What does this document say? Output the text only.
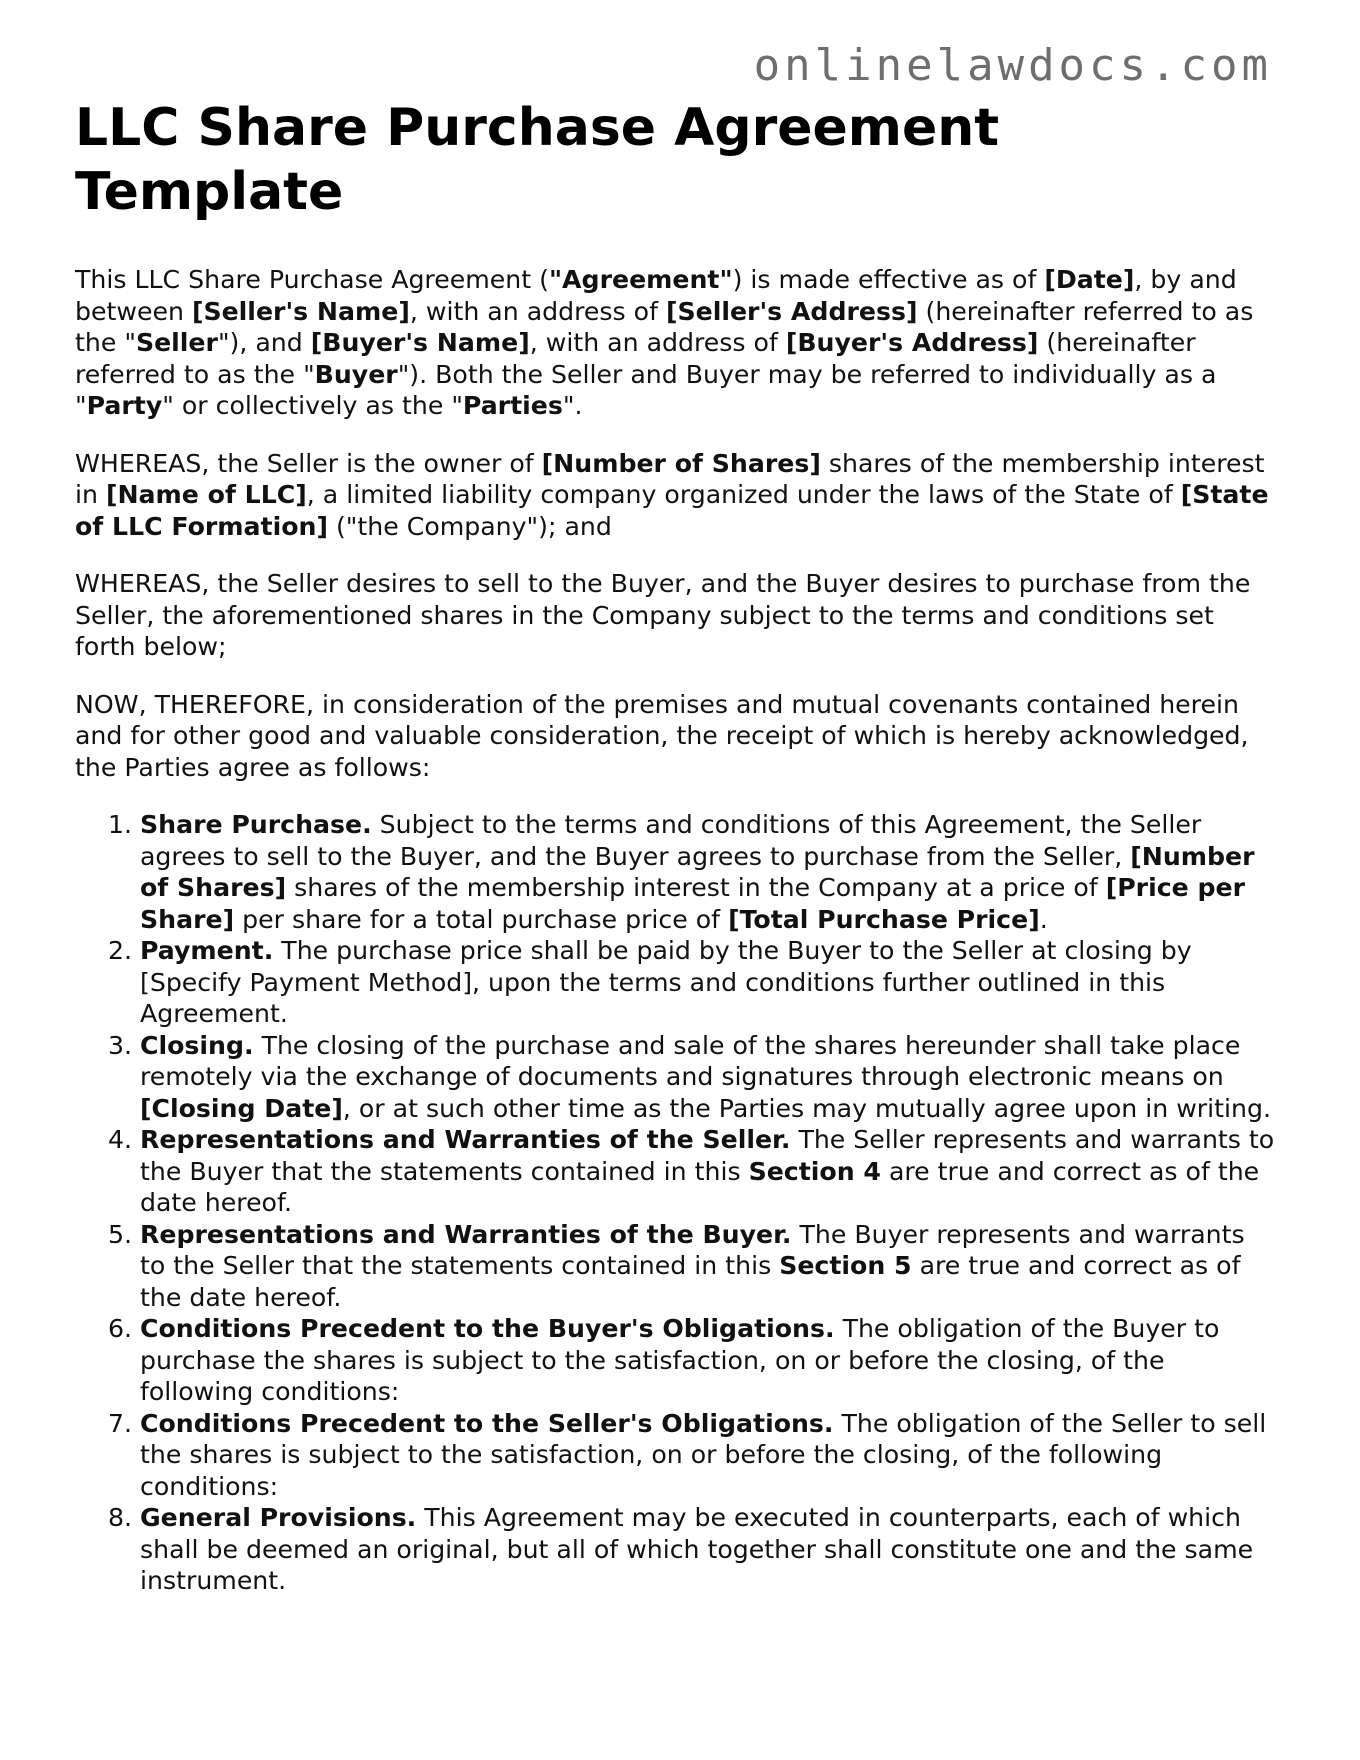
onlinelawdocs.com
LLC Share Purchase Agreement Template

This LLC Share Purchase Agreement ("Agreement") is made effective as of [Date], by and between [Seller's Name], with an address of [Seller's Address] (hereinafter referred to as the "Seller"), and [Buyer's Name], with an address of [Buyer's Address] (hereinafter referred to as the "Buyer"). Both the Seller and Buyer may be referred to individually as a "Party" or collectively as the "Parties".

WHEREAS, the Seller is the owner of [Number of Shares] shares of the membership interest in [Name of LLC], a limited liability company organized under the laws of the State of [State of LLC Formation] ("the Company"); and

WHEREAS, the Seller desires to sell to the Buyer, and the Buyer desires to purchase from the Seller, the aforementioned shares in the Company subject to the terms and conditions set forth below;

NOW, THEREFORE, in consideration of the premises and mutual covenants contained herein and for other good and valuable consideration, the receipt of which is hereby acknowledged, the Parties agree as follows:

1. Share Purchase. Subject to the terms and conditions of this Agreement, the Seller agrees to sell to the Buyer, and the Buyer agrees to purchase from the Seller, [Number of Shares] shares of the membership interest in the Company at a price of [Price per Share] per share for a total purchase price of [Total Purchase Price].
2. Payment. The purchase price shall be paid by the Buyer to the Seller at closing by [Specify Payment Method], upon the terms and conditions further outlined in this Agreement.
3. Closing. The closing of the purchase and sale of the shares hereunder shall take place remotely via the exchange of documents and signatures through electronic means on [Closing Date], or at such other time as the Parties may mutually agree upon in writing.
4. Representations and Warranties of the Seller. The Seller represents and warrants to the Buyer that the statements contained in this Section 4 are true and correct as of the date hereof.
5. Representations and Warranties of the Buyer. The Buyer represents and warrants to the Seller that the statements contained in this Section 5 are true and correct as of the date hereof.
6. Conditions Precedent to the Buyer's Obligations. The obligation of the Buyer to purchase the shares is subject to the satisfaction, on or before the closing, of the following conditions:
7. Conditions Precedent to the Seller's Obligations. The obligation of the Seller to sell the shares is subject to the satisfaction, on or before the closing, of the following conditions:
8. General Provisions. This Agreement may be executed in counterparts, each of which shall be deemed an original, but all of which together shall constitute one and the same instrument.
